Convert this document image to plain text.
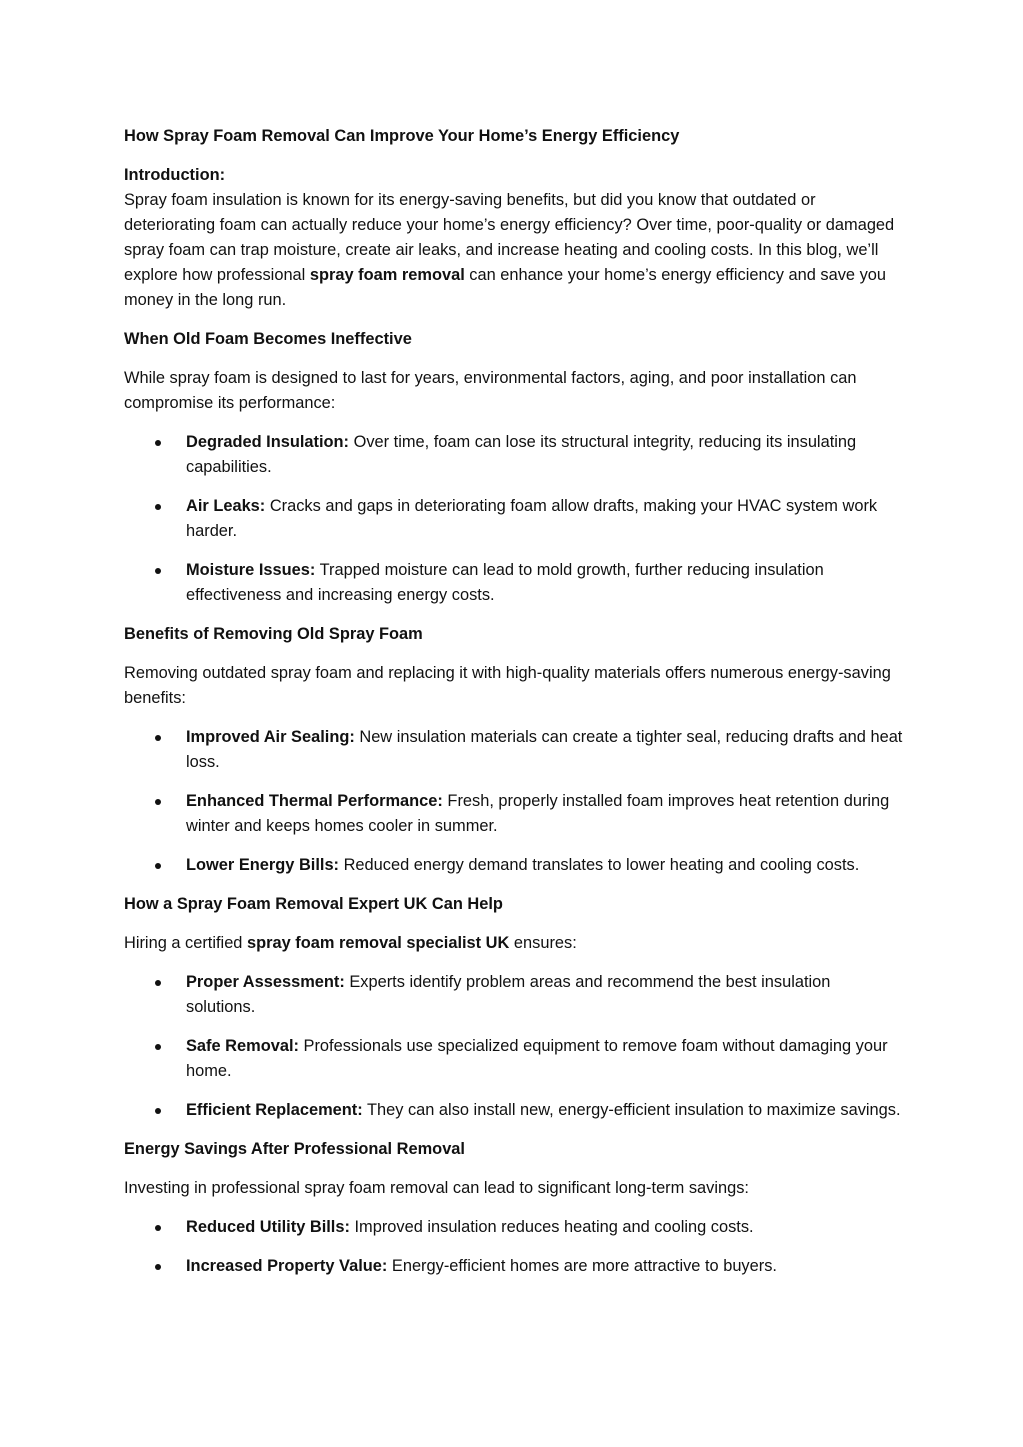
How Spray Foam Removal Can Improve Your Home’s Energy Efficiency

Introduction:

Spray foam insulation is known for its energy-saving benefits, but did you know that outdated or deteriorating foam can actually reduce your home’s energy efficiency? Over time, poor-quality or damaged spray foam can trap moisture, create air leaks, and increase heating and cooling costs. In this blog, we’ll explore how professional spray foam removal can enhance your home’s energy efficiency and save you money in the long run.

When Old Foam Becomes Ineffective

While spray foam is designed to last for years, environmental factors, aging, and poor installation can compromise its performance:

Degraded Insulation: Over time, foam can lose its structural integrity, reducing its insulating capabilities.
Air Leaks: Cracks and gaps in deteriorating foam allow drafts, making your HVAC system work harder.
Moisture Issues: Trapped moisture can lead to mold growth, further reducing insulation effectiveness and increasing energy costs.

Benefits of Removing Old Spray Foam

Removing outdated spray foam and replacing it with high-quality materials offers numerous energy-saving benefits:

Improved Air Sealing: New insulation materials can create a tighter seal, reducing drafts and heat loss.
Enhanced Thermal Performance: Fresh, properly installed foam improves heat retention during winter and keeps homes cooler in summer.
Lower Energy Bills: Reduced energy demand translates to lower heating and cooling costs.

How a Spray Foam Removal Expert UK Can Help

Hiring a certified spray foam removal specialist UK ensures:

Proper Assessment: Experts identify problem areas and recommend the best insulation solutions.
Safe Removal: Professionals use specialized equipment to remove foam without damaging your home.
Efficient Replacement: They can also install new, energy-efficient insulation to maximize savings.

Energy Savings After Professional Removal

Investing in professional spray foam removal can lead to significant long-term savings:

Reduced Utility Bills: Improved insulation reduces heating and cooling costs.
Increased Property Value: Energy-efficient homes are more attractive to buyers.
